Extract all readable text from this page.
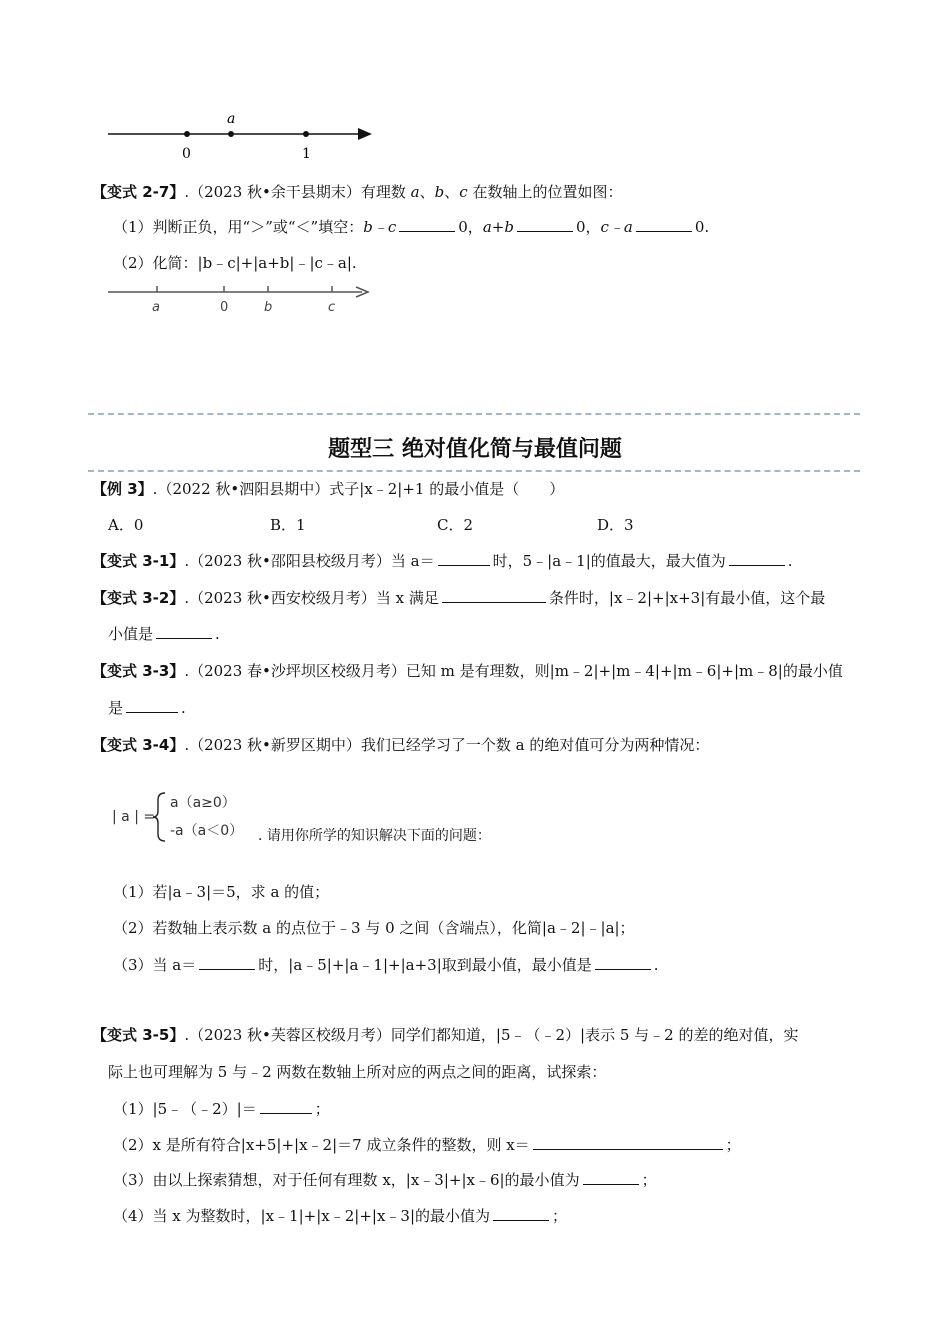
a
0	1
【变式 2-7】.（2023 秋•余干县期末）有理数 a、b、c 在数轴上的位置如图：
（1）判断正负，用“＞”或“＜”填空：b﹣c	0，a+b	0，c﹣a	0.
（2）化简：|b﹣c|+|a+b|﹣|c﹣a|.
a	0	b	c
题型三 绝对值化简与最值问题
【例 3】.（2022 秋•泗阳县期中）式子|x﹣2|+1 的最小值是（　　）
A．0	B．1	C．2	D．3
【变式 3-1】.（2023 秋•邵阳县校级月考）当 a＝	时，5﹣|a﹣1|的值最大，最大值为	.
【变式 3-2】.（2023 秋•西安校级月考）当 x 满足	条件时，|x﹣2|+|x+3|有最小值，这个最
小值是	.
【变式 3-3】.（2023 春•沙坪坝区校级月考）已知 m 是有理数，则|m﹣2|+|m﹣4|+|m﹣6|+|m﹣8|的最小值
是	.
【变式 3-4】.（2023 秋•新罗区期中）我们已经学习了一个数 a 的绝对值可分为两种情况：
| a | =
a（a≥0）
-a（a＜0） . 请用你所学的知识解决下面的问题：
（1）若|a﹣3|＝5，求 a 的值；
（2）若数轴上表示数 a 的点位于﹣3 与 0 之间（含端点），化简|a﹣2|﹣|a|；
（3）当 a＝	时，|a﹣5|+|a﹣1|+|a+3|取到最小值，最小值是	.
【变式 3-5】.（2023 秋•芙蓉区校级月考）同学们都知道，|5﹣（﹣2）|表示 5 与﹣2 的差的绝对值，实
际上也可理解为 5 与﹣2 两数在数轴上所对应的两点之间的距离，试探索：
（1）|5﹣（﹣2）|＝	；
（2）x 是所有符合|x+5|+|x﹣2|＝7 成立条件的整数，则 x＝	；
（3）由以上探索猜想，对于任何有理数 x，|x﹣3|+|x﹣6|的最小值为	；
（4）当 x 为整数时，|x﹣1|+|x﹣2|+|x﹣3|的最小值为	；
